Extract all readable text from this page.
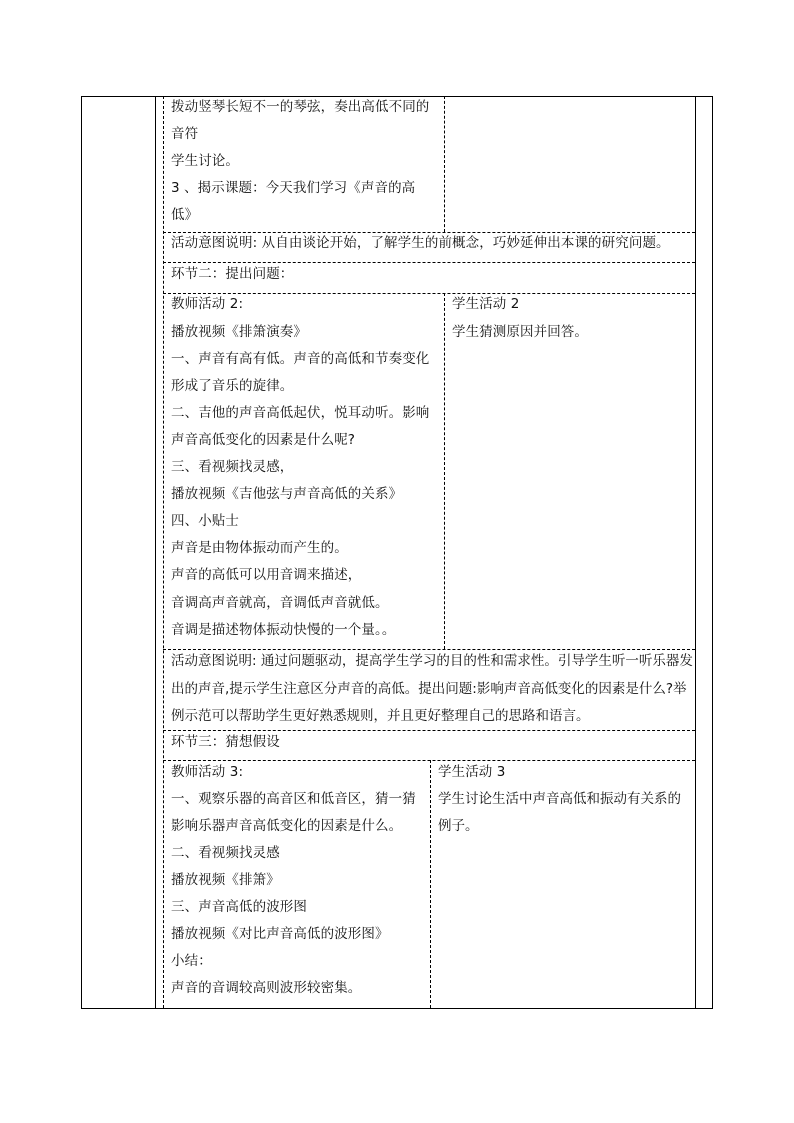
拨动竖琴长短不一的琴弦，奏出高低不同的
音符
学生讨论。
3 、揭示课题：今天我们学习《声音的高
低》
活动意图说明: 从自由谈论开始，了解学生的前概念，巧妙延伸出本课的研究问题。
环节二：提出问题：
教师活动 2:
播放视频《排箫演奏》
一、声音有高有低。声音的高低和节奏变化
形成了音乐的旋律。
二、吉他的声音高低起伏，悦耳动听。影响
声音高低变化的因素是什么呢?
三、看视频找灵感，
播放视频《吉他弦与声音高低的关系》
四、小贴士
声音是由物体振动而产生的。
声音的高低可以用音调来描述，
音调高声音就高，音调低声音就低。
音调是描述物体振动快慢的一个量。。
学生活动 2
学生猜测原因并回答。
活动意图说明: 通过问题驱动，提高学生学习的目的性和需求性。引导学生听一听乐器发出的声音,提示学生注意区分声音的高低。提出问题:影响声音高低变化的因素是什么?举例示范可以帮助学生更好熟悉规则，并且更好整理自己的思路和语言。
环节三：猜想假设
教师活动 3:
一、观察乐器的高音区和低音区，猜一猜
影响乐器声音高低变化的因素是什么。
二、看视频找灵感
播放视频《排箫》
三、声音高低的波形图
播放视频《对比声音高低的波形图》
小结：
声音的音调较高则波形较密集。
学生活动 3
学生讨论生活中声音高低和振动有关系的例子。
